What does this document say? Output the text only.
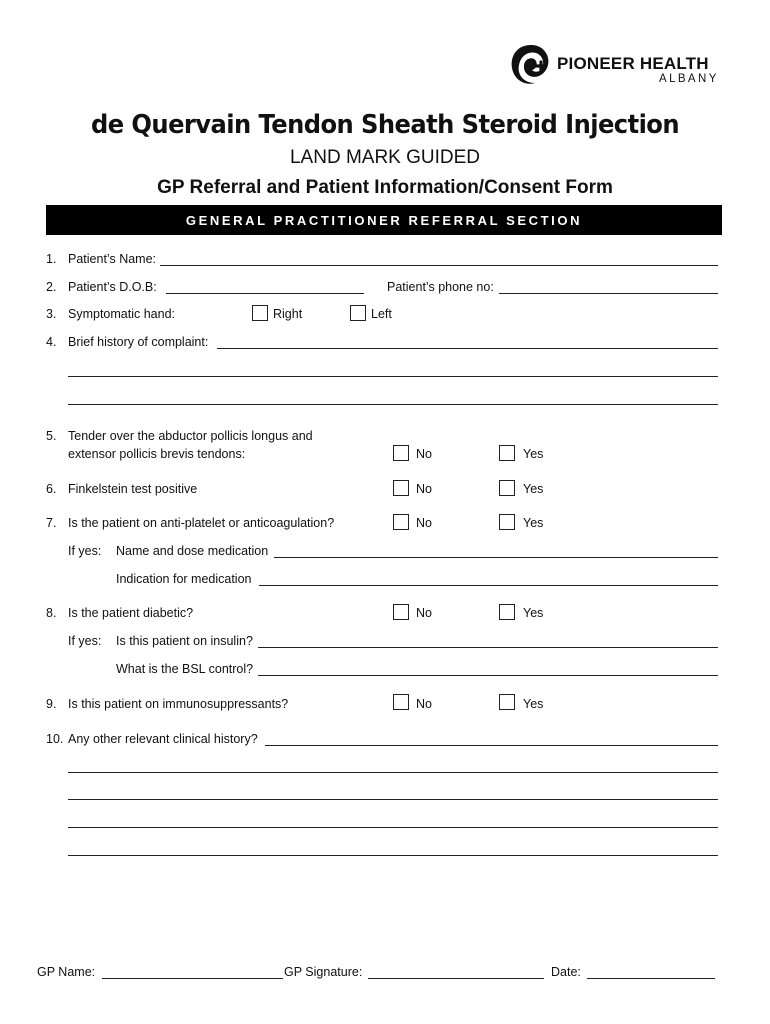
PIONEER HEALTH
ALBANY
de Quervain Tendon Sheath Steroid Injection
LAND MARK GUIDED
GP Referral and Patient Information/Consent Form
GENERAL PRACTITIONER REFERRAL SECTION
1. Patient’s Name:
2. Patient’s D.O.B:	Patient’s phone no:
3. Symptomatic hand:	Right	Left
4. Brief history of complaint:
5. Tender over the abductor pollicis longus and
extensor pollicis brevis tendons:	No	Yes
6. Finkelstein test positive	No	Yes
7. Is the patient on anti-platelet or anticoagulation?	No	Yes
If yes: Name and dose medication
Indication for medication
8. Is the patient diabetic?	No	Yes
If yes: Is this patient on insulin?
What is the BSL control?
9. Is this patient on immunosuppressants?	No	Yes
10. Any other relevant clinical history?
GP Name:	GP Signature:	Date:
